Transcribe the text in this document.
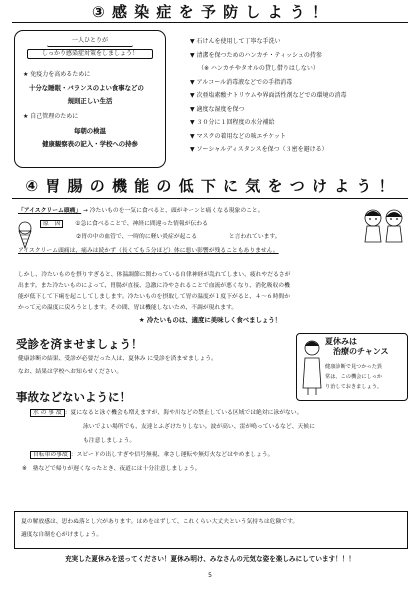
③ 感 染 症 を 予 防 し よ う ！
一人ひとりが
しっかり感染症対策をしましょう！
★ 免疫力を高めるために
十分な睡眠・バランスのよい食事などの
規則正しい生活
★ 自己管理のために
毎朝の検温
健康観察表の記入・学校への持参
▼ 石けんを使用して丁寧な手洗い
▼ 清潔を保つためのハンカチ・ティッシュの持参
（※ ハンカチやタオルの貸し借りはしない）
▼ アルコール消毒液などでの手指消毒
▼ 次亜塩素酸ナトリウムや界面活性剤などでの環境の消毒
▼ 適度な湿度を保つ
▼ ３０分に１回程度の水分補給
▼ マスクの着用などの咳エチケット
▼ ソーシャルディスタンスを保つ（３密を避ける）
④ 胃 腸 の 機 能 の 低 下 に 気 を つ け よ う ！
「アイスクリーム頭痛」 → 冷たいものを一気に食べると、頭がキーンと痛くなる現象のこと。
原　因	①急に食べることで、神経に間違った情報が伝わる
②胃の中の血管で、一時的に軽い炎症が起こる	と言われています。
アイスクリーム頭痛は、痛みは続かず（長くても５分ほど）体に悪い影響が残ることもありません。
しかし、冷たいものを摂りすぎると、体温調節に関わっている自律神経が乱れてしまい、疲れやだるさが
出ます。また冷たいものによって、胃腸が直接、急激に冷やされることで血流が悪くなり、消化吸収の機
能が低下して下痢を起こしてしまします。冷たいものを摂取して胃の温度が１度下がると、４～６時間か
かって元の温度に戻ろうとします。その間、胃は機能しないため、不調が現れます。
★ 冷たいものは、適度に美味しく食べましょう！
受診を済ませましょう！
健康診断の結果、受診が必要だった人は、夏休み に受診を済ませましょう。
なお、結果は学校へお知らせください。
夏休みは
治療のチャンス
健康診断で見つかった異
常は、この機会にしっか
り治しておきましょう。
事故などないように！
水 の 事 故 ：夏になると泳ぐ機会も増えますが、海や川などの禁止している区域では絶対に泳がない。
泳いでよい場所でも、友達とふざけたりしない。波が高い、雷が鳴っているなど、天候に
も注意しましょう。
自転車の事故 ：スピードの出しすぎや信号無視、傘さし運転や無灯火などはやめましょう。
※　塾などで帰りが遅くなったとき、夜道には十分注意しましょう。
夏の解放感は、思わぬ落とし穴があります。はめをはずして、これくらい大丈夫という気持ちは危険です。
適度な自制を心がけましょう。
充実した夏休みを送ってください！夏休み明け、みなさんの元気な姿を楽しみにしています！！！
5
